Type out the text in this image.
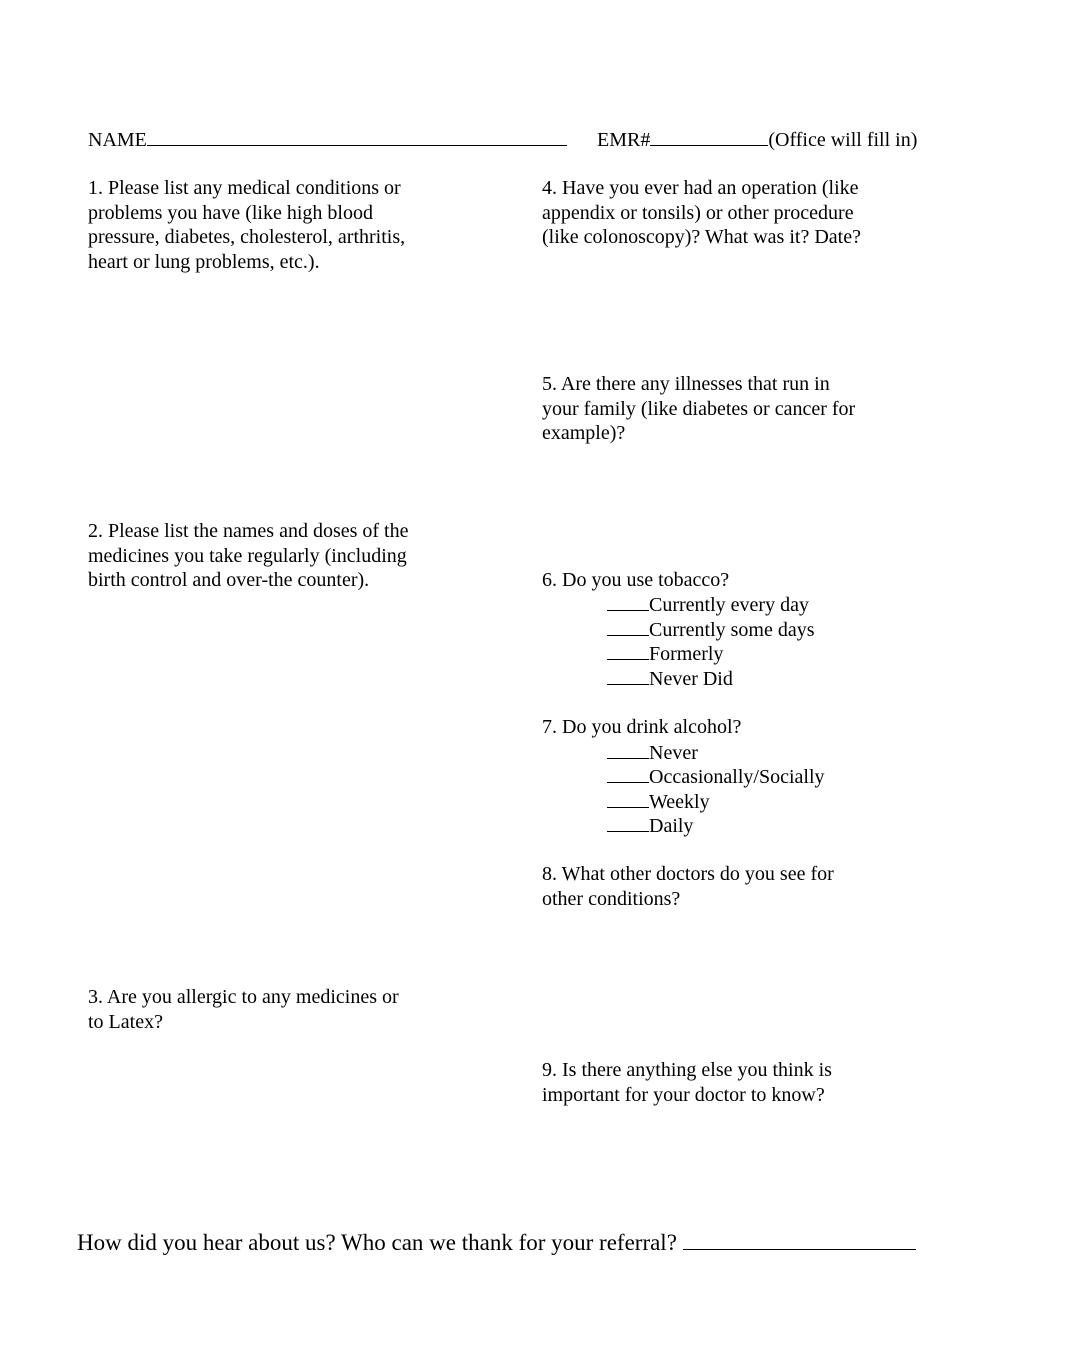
NAME	EMR#	(Office will fill in)
1. Please list any medical conditions or
problems you have (like high blood
pressure, diabetes, cholesterol, arthritis,
heart or lung problems, etc.).
4. Have you ever had an operation (like
appendix or tonsils) or other procedure
(like colonoscopy)? What was it? Date?
5. Are there any illnesses that run in
your family (like diabetes or cancer for
example)?
2. Please list the names and doses of the
medicines you take regularly (including
birth control and over-the counter).	6. Do you use tobacco?
Currently every day
Currently some days
Formerly
Never Did
7. Do you drink alcohol?
Never
Occasionally/Socially
Weekly
Daily
8. What other doctors do you see for
other conditions?
3. Are you allergic to any medicines or
to Latex?
9. Is there anything else you think is
important for your doctor to know?
How did you hear about us? Who can we thank for your referral?
